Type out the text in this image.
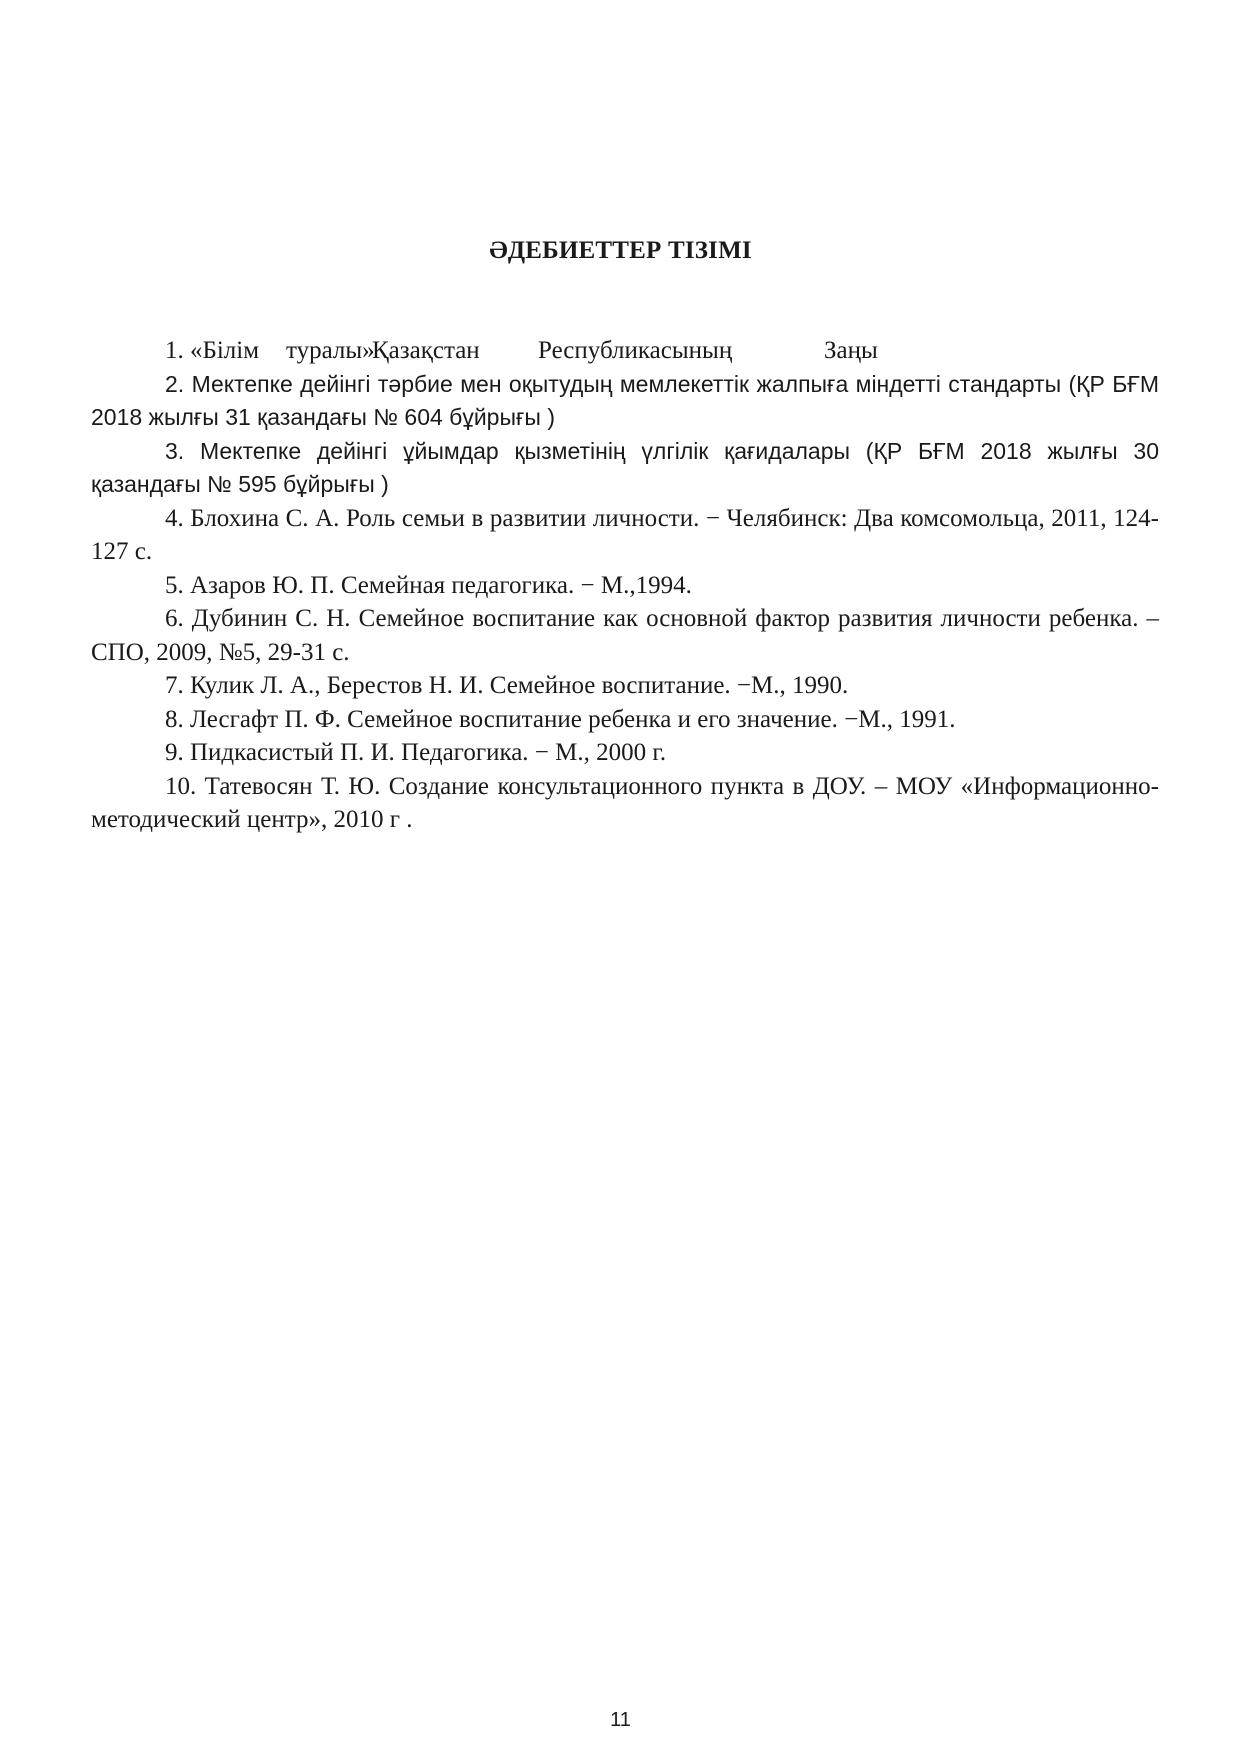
ӘДЕБИЕТТЕР ТІЗІМІ

1. «Білім туралы»Қазақстан Республикасының	Заңы

2. Мектепке дейінгі тәрбие мен оқытудың мемлекеттік жалпыға міндетті стандарты (ҚР БҒМ 2018 жылғы 31 қазандағы № 604 бұйрығы )

3. Мектепке дейінгі ұйымдар қызметінің үлгілік қағидалары (ҚР БҒМ 2018 жылғы 30 қазандағы № 595 бұйрығы )

4. Блохина С. А. Роль семьи в развитии личности. − Челябинск: Два комсомольца, 2011, 124-127 с.

5. Азаров Ю. П. Семейная педагогика. − М.,1994.

6. Дубинин С. Н. Семейное воспитание как основной фактор развития личности ребенка. – СПО, 2009, №5, 29-31 с.

7. Кулик Л. А., Берестов Н. И. Семейное воспитание. −М., 1990.

8. Лесгафт П. Ф. Семейное воспитание ребенка и его значение. −М., 1991.

9. Пидкасистый П. И. Педагогика. − М., 2000 г.

10. Татевосян Т. Ю. Создание консультационного пункта в ДОУ. – МОУ «Информационно-методический центр», 2010 г .

11
